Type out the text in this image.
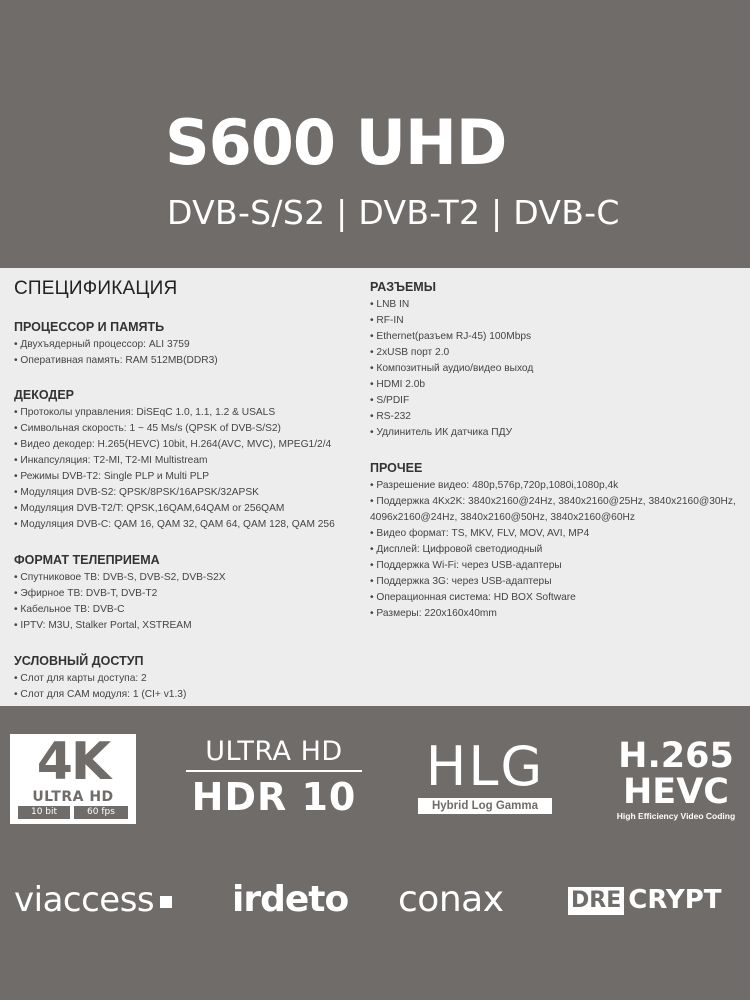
S600 UHD
DVB-S/S2 | DVB-T2 | DVB-C
СПЕЦИФИКАЦИЯ
ПРОЦЕССОР И ПАМЯТЬ
• Двухъядерный процессор: ALI 3759
• Оперативная память: RAM 512MB(DDR3)
ДЕКОДЕР
• Протоколы управления: DiSEqC 1.0, 1.1, 1.2 & USALS
• Символьная скорость: 1 ~ 45 Ms/s (QPSK of DVB-S/S2)
• Видео декодер: H.265(HEVC) 10bit, H.264(AVC, MVC), MPEG1/2/4
• Инкапсуляция: T2-MI, T2-MI Multistream
• Режимы DVB-T2: Single PLP и Multi PLP
• Модуляция DVB-S2: QPSK/8PSK/16APSK/32APSK
• Модуляция DVB-T2/T: QPSK,16QAM,64QAM or 256QAM
• Модуляция DVB-C: QAM 16, QAM 32, QAM 64, QAM 128, QAM 256
ФОРМАТ ТЕЛЕПРИЕМА
• Спутниковое ТВ: DVB-S, DVB-S2, DVB-S2X
• Эфирное ТВ: DVB-T, DVB-T2
• Кабельное ТВ: DVB-C
• IPTV: M3U, Stalker Portal, XSTREAM
УСЛОВНЫЙ ДОСТУП
• Слот для карты доступа: 2
• Слот для CAM модуля: 1 (CI+ v1.3)
РАЗЪЕМЫ
• LNB IN
• RF-IN
• Ethernet(разъем RJ-45) 100Mbps
• 2xUSB порт 2.0
• Композитный аудио/видео выход
• HDMI 2.0b
• S/PDIF
• RS-232
• Удлинитель ИК датчика ПДУ
ПРОЧЕЕ
• Разрешение видео: 480p,576p,720p,1080i,1080p,4k
• Поддержка 4Kx2K: 3840x2160@24Hz, 3840x2160@25Hz, 3840x2160@30Hz,
4096x2160@24Hz, 3840x2160@50Hz, 3840x2160@60Hz
• Видео формат: TS, MKV, FLV, MOV, AVI, MP4
• Дисплей: Цифровой светодиодный
• Поддержка Wi-Fi: через USB-адаптеры
• Поддержка 3G: через USB-адаптеры
• Операционная система: HD BOX Software
• Размеры: 220x160x40mm
4K
ULTRA HD
10 bit	60 fps
ULTRA HD
HDR 10 HLG
Hybrid Log Gamma
H.265
HEVC
High Efficiency Video Coding
viaccess	irdeto conax	DRE CRYPT
